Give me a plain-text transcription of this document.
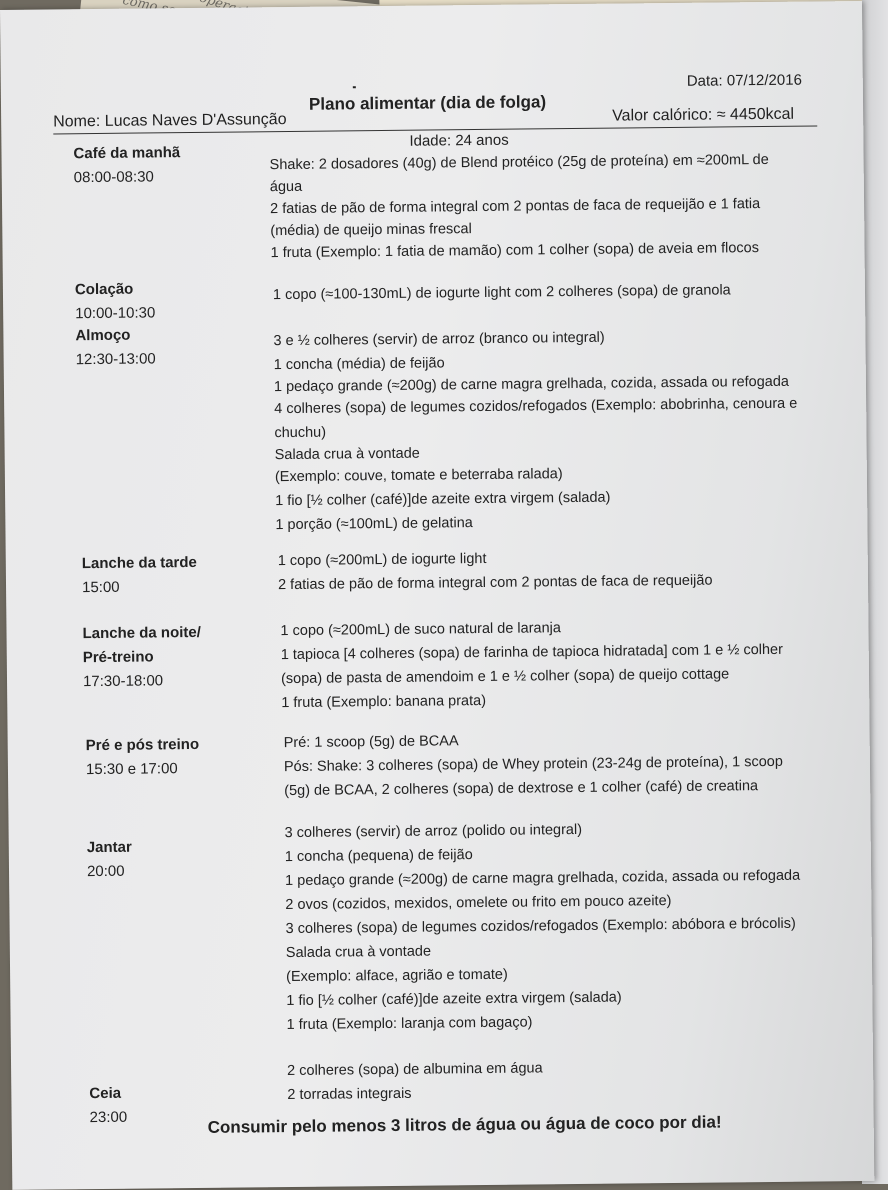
Data: 07/12/2016
Plano alimentar (dia de folga)
Nome: Lucas Naves D'Assunção
Idade: 24 anos
Valor calórico: ≈ 4450kcal
Café da manhã
08:00-08:30
Shake: 2 dosadores (40g) de Blend protéico (25g de proteína) em ≈200mL de
água
2 fatias de pão de forma integral com 2 pontas de faca de requeijão e 1 fatia
(média) de queijo minas frescal
1 fruta (Exemplo: 1 fatia de mamão) com 1 colher (sopa) de aveia em flocos
Colação
10:00-10:30
1 copo (≈100-130mL) de iogurte light com 2 colheres (sopa) de granola
Almoço
12:30-13:00
3 e ½ colheres (servir) de arroz (branco ou integral)
1 concha (média) de feijão
1 pedaço grande (≈200g) de carne magra grelhada, cozida, assada ou refogada
4 colheres (sopa) de legumes cozidos/refogados (Exemplo: abobrinha, cenoura e
chuchu)
Salada crua à vontade
(Exemplo: couve, tomate e beterraba ralada)
1 fio [½ colher (café)]de azeite extra virgem (salada)
1 porção (≈100mL) de gelatina
Lanche da tarde
15:00
1 copo (≈200mL) de iogurte light
2 fatias de pão de forma integral com 2 pontas de faca de requeijão
Lanche da noite/
Pré-treino
17:30-18:00
1 copo (≈200mL) de suco natural de laranja
1 tapioca [4 colheres (sopa) de farinha de tapioca hidratada] com 1 e ½ colher
(sopa) de pasta de amendoim e 1 e ½ colher (sopa) de queijo cottage
1 fruta (Exemplo: banana prata)
Pré e pós treino
15:30 e 17:00
Pré: 1 scoop (5g) de BCAA
Pós: Shake: 3 colheres (sopa) de Whey protein (23-24g de proteína), 1 scoop
(5g) de BCAA, 2 colheres (sopa) de dextrose e 1 colher (café) de creatina
Jantar
20:00
3 colheres (servir) de arroz (polido ou integral)
1 concha (pequena) de feijão
1 pedaço grande (≈200g) de carne magra grelhada, cozida, assada ou refogada
2 ovos (cozidos, mexidos, omelete ou frito em pouco azeite)
3 colheres (sopa) de legumes cozidos/refogados (Exemplo: abóbora e brócolis)
Salada crua à vontade
(Exemplo: alface, agrião e tomate)
1 fio [½ colher (café)]de azeite extra virgem (salada)
1 fruta (Exemplo: laranja com bagaço)
Ceia
23:00
2 colheres (sopa) de albumina em água
2 torradas integrais
Consumir pelo menos 3 litros de água ou água de coco por dia!
